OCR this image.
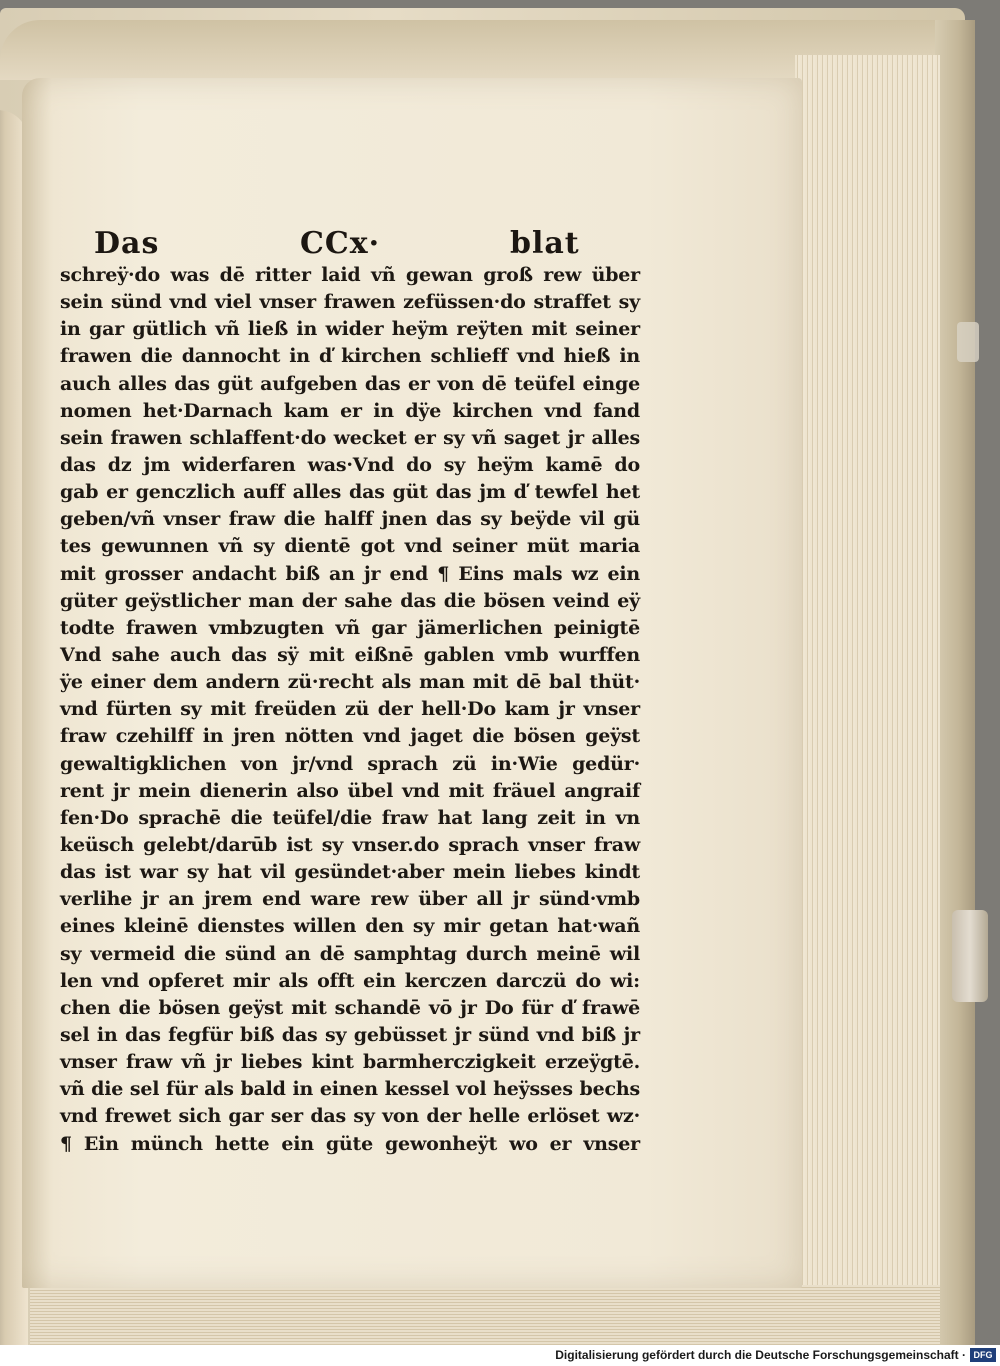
Das	CCx·	blat
schreÿ·do was dē ritter laid vñ gewan groß rew über
sein sünd vnd viel vnser frawen zefüssen·do straffet sy
in gar gütlich vñ ließ in wider heÿm reÿten mit seiner
frawen die dannocht in ď kirchen schlieff vnd hieß in
auch alles das güt aufgeben das er von dē teüfel einge
nomen het·Darnach kam er in dÿe kirchen vnd fand
sein frawen schlaffent·do wecket er sy vñ saget jr alles
das dz jm widerfaren was·Vnd do sy heÿm kamē do
gab er genczlich auff alles das güt das jm ď tewfel het
geben/vñ vnser fraw die halff jnen das sy beÿde vil gü
tes gewunnen vñ sy dientē got vnd seiner müt maria
mit grosser andacht biß an jr end ¶ Eins mals wz ein
güter geÿstlicher man der sahe das die bösen veind eÿ
todte frawen vmbzugten vñ gar jämerlichen peinigtē
Vnd sahe auch das sÿ mit eißnē gablen vmb wurffen
ÿe einer dem andern zü·recht als man mit dē bal thüt·
vnd fürten sy mit freüden zü der hell·Do kam jr vnser
fraw czehilff in jren nötten vnd jaget die bösen geÿst
gewaltigklichen von jr/vnd sprach zü in·Wie gedür·
rent jr mein dienerin also übel vnd mit fräuel angraif
fen·Do sprachē die teüfel/die fraw hat lang zeit in vn
keüsch gelebt/darūb ist sy vnser.do sprach vnser fraw
das ist war sy hat vil gesündet·aber mein liebes kindt
verlihe jr an jrem end ware rew über all jr sünd·vmb
eines kleinē dienstes willen den sy mir getan hat·wañ
sy vermeid die sünd an dē samphtag durch meinē wil
len vnd opferet mir als offt ein kerczen darczü do wi:
chen die bösen geÿst mit schandē vō jr Do für ď frawē
sel in das fegfür biß das sy gebüsset jr sünd vnd biß jr
vnser fraw vñ jr liebes kint barmherczigkeit erzeÿgtē.
vñ die sel für als bald in einen kessel vol heÿsses bechs
vnd frewet sich gar ser das sy von der helle erlöset wz·
¶ Ein münch hette ein güte gewonheÿt wo er vnser
Digitalisierung gefördert durch die Deutsche Forschungsgemeinschaft · DFG
